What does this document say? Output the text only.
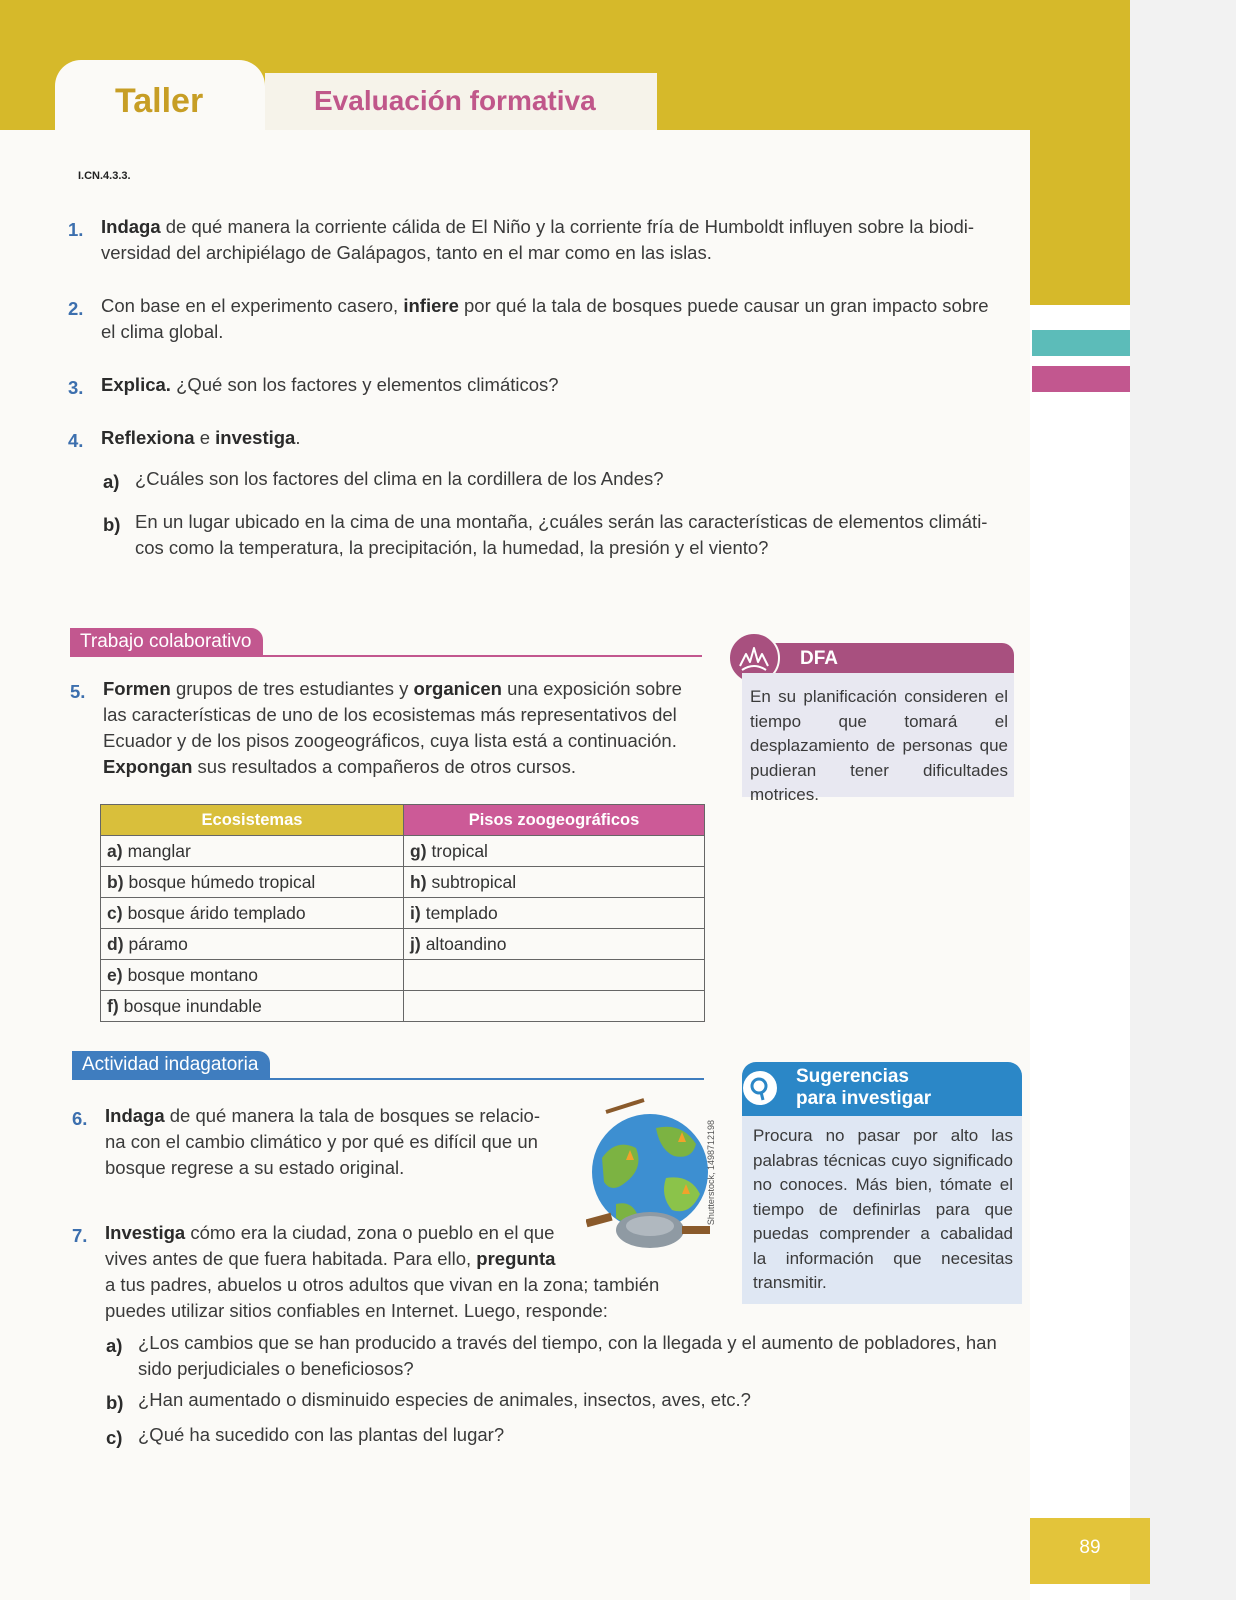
Taller	Evaluación formativa
I.CN.4.3.3.
1. Indaga de qué manera la corriente cálida de El Niño y la corriente fría de Humboldt influyen sobre la biodi-
versidad del archipiélago de Galápagos, tanto en el mar como en las islas.
2. Con base en el experimento casero, infiere por qué la tala de bosques puede causar un gran impacto sobre
el clima global.
3. Explica. ¿Qué son los factores y elementos climáticos?
4. Reflexiona e investiga.
a) ¿Cuáles son los factores del clima en la cordillera de los Andes?
b) En un lugar ubicado en la cima de una montaña, ¿cuáles serán las características de elementos climáti-
cos como la temperatura, la precipitación, la humedad, la presión y el viento?
Trabajo colaborativo
5. Formen grupos de tres estudiantes y organicen una exposición sobre
las características de uno de los ecosistemas más representativos del
Ecuador y de los pisos zoogeográficos, cuya lista está a continuación.
Expongan sus resultados a compañeros de otros cursos.
Ecosistemas	Pisos zoogeográficos
a) manglar	g) tropical
b) bosque húmedo tropical	h) subtropical
c) bosque árido templado	i) templado
d) páramo	j) altoandino
e) bosque montano	
f) bosque inundable	
DFA
En su planificación consideren el tiempo que tomará el desplazamiento de personas que pudieran tener dificultades motrices.
Actividad indagatoria
6. Indaga de qué manera la tala de bosques se relacio-
na con el cambio climático y por qué es difícil que un
bosque regrese a su estado original.	Shutterstock, 1498712198
7. Investiga cómo era la ciudad, zona o pueblo en el que
vives antes de que fuera habitada. Para ello, pregunta
a tus padres, abuelos u otros adultos que vivan en la zona; también
puedes utilizar sitios confiables en Internet. Luego, responde:
a) ¿Los cambios que se han producido a través del tiempo, con la llegada y el aumento de pobladores, han
sido perjudiciales o beneficiosos?
b) ¿Han aumentado o disminuido especies de animales, insectos, aves, etc.?
c) ¿Qué ha sucedido con las plantas del lugar?
Sugerencias
para investigar
Procura no pasar por alto las palabras técnicas cuyo significado no conoces. Más bien, tómate el tiempo de definirlas para que puedas comprender a cabalidad la información que necesitas transmitir.
89
